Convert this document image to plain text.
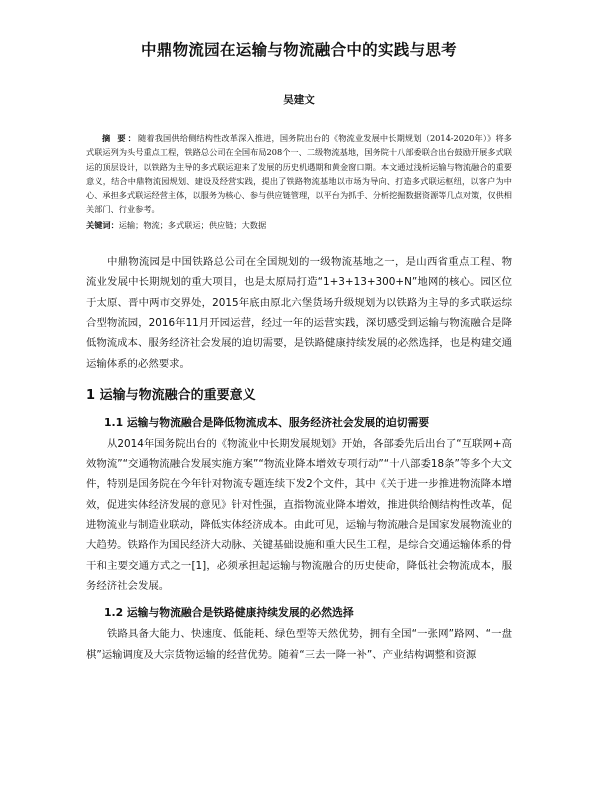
中鼎物流园在运输与物流融合中的实践与思考
吴建文

摘 要：随着我国供给侧结构性改革深入推进，国务院出台的《物流业发展中长期规划（2014-2020年）》将多式联运列为头号重点工程，铁路总公司在全国布局208个一、二级物流基地，国务院十八部委联合出台鼓励开展多式联运的顶层设计，以铁路为主导的多式联运迎来了发展的历史机遇期和黄金窗口期。本文通过浅析运输与物流融合的重要意义，结合中鼎物流园规划、建设及经营实践，提出了铁路物流基地以市场为导向、打造多式联运枢纽，以客户为中心、承担多式联运经营主体，以服务为核心、参与供应链管理，以平台为抓手、分析挖掘数据资源等几点对策，仅供相关部门、行业参考。

关键词：运输；物流；多式联运；供应链；大数据

中鼎物流园是中国铁路总公司在全国规划的一级物流基地之一，是山西省重点工程、物流业发展中长期规划的重大项目，也是太原局打造“1+3+13+300+N”地网的核心。园区位于太原、晋中两市交界处，2015年底由原北六堡货场升级规划为以铁路为主导的多式联运综合型物流园，2016年11月开园运营，经过一年的运营实践，深切感受到运输与物流融合是降低物流成本、服务经济社会发展的迫切需要，是铁路健康持续发展的必然选择，也是构建交通运输体系的必然要求。

1 运输与物流融合的重要意义
1.1 运输与物流融合是降低物流成本、服务经济社会发展的迫切需要

从2014年国务院出台的《物流业中长期发展规划》开始，各部委先后出台了“互联网+高效物流”“交通物流融合发展实施方案”“物流业降本增效专项行动”“十八部委18条”等多个大文件，特别是国务院在今年针对物流专题连续下发2个文件，其中《关于进一步推进物流降本增效，促进实体经济发展的意见》针对性强，直指物流业降本增效，推进供给侧结构性改革，促进物流业与制造业联动，降低实体经济成本。由此可见，运输与物流融合是国家发展物流业的大趋势。铁路作为国民经济大动脉、关键基础设施和重大民生工程，是综合交通运输体系的骨干和主要交通方式之一[1]，必须承担起运输与物流融合的历史使命，降低社会物流成本，服务经济社会发展。

1.2 运输与物流融合是铁路健康持续发展的必然选择

铁路具备大能力、快速度、低能耗、绿色型等天然优势，拥有全国“一张网”路网、“一盘棋”运输调度及大宗货物运输的经营优势。随着“三去一降一补”、产业结构调整和资源
